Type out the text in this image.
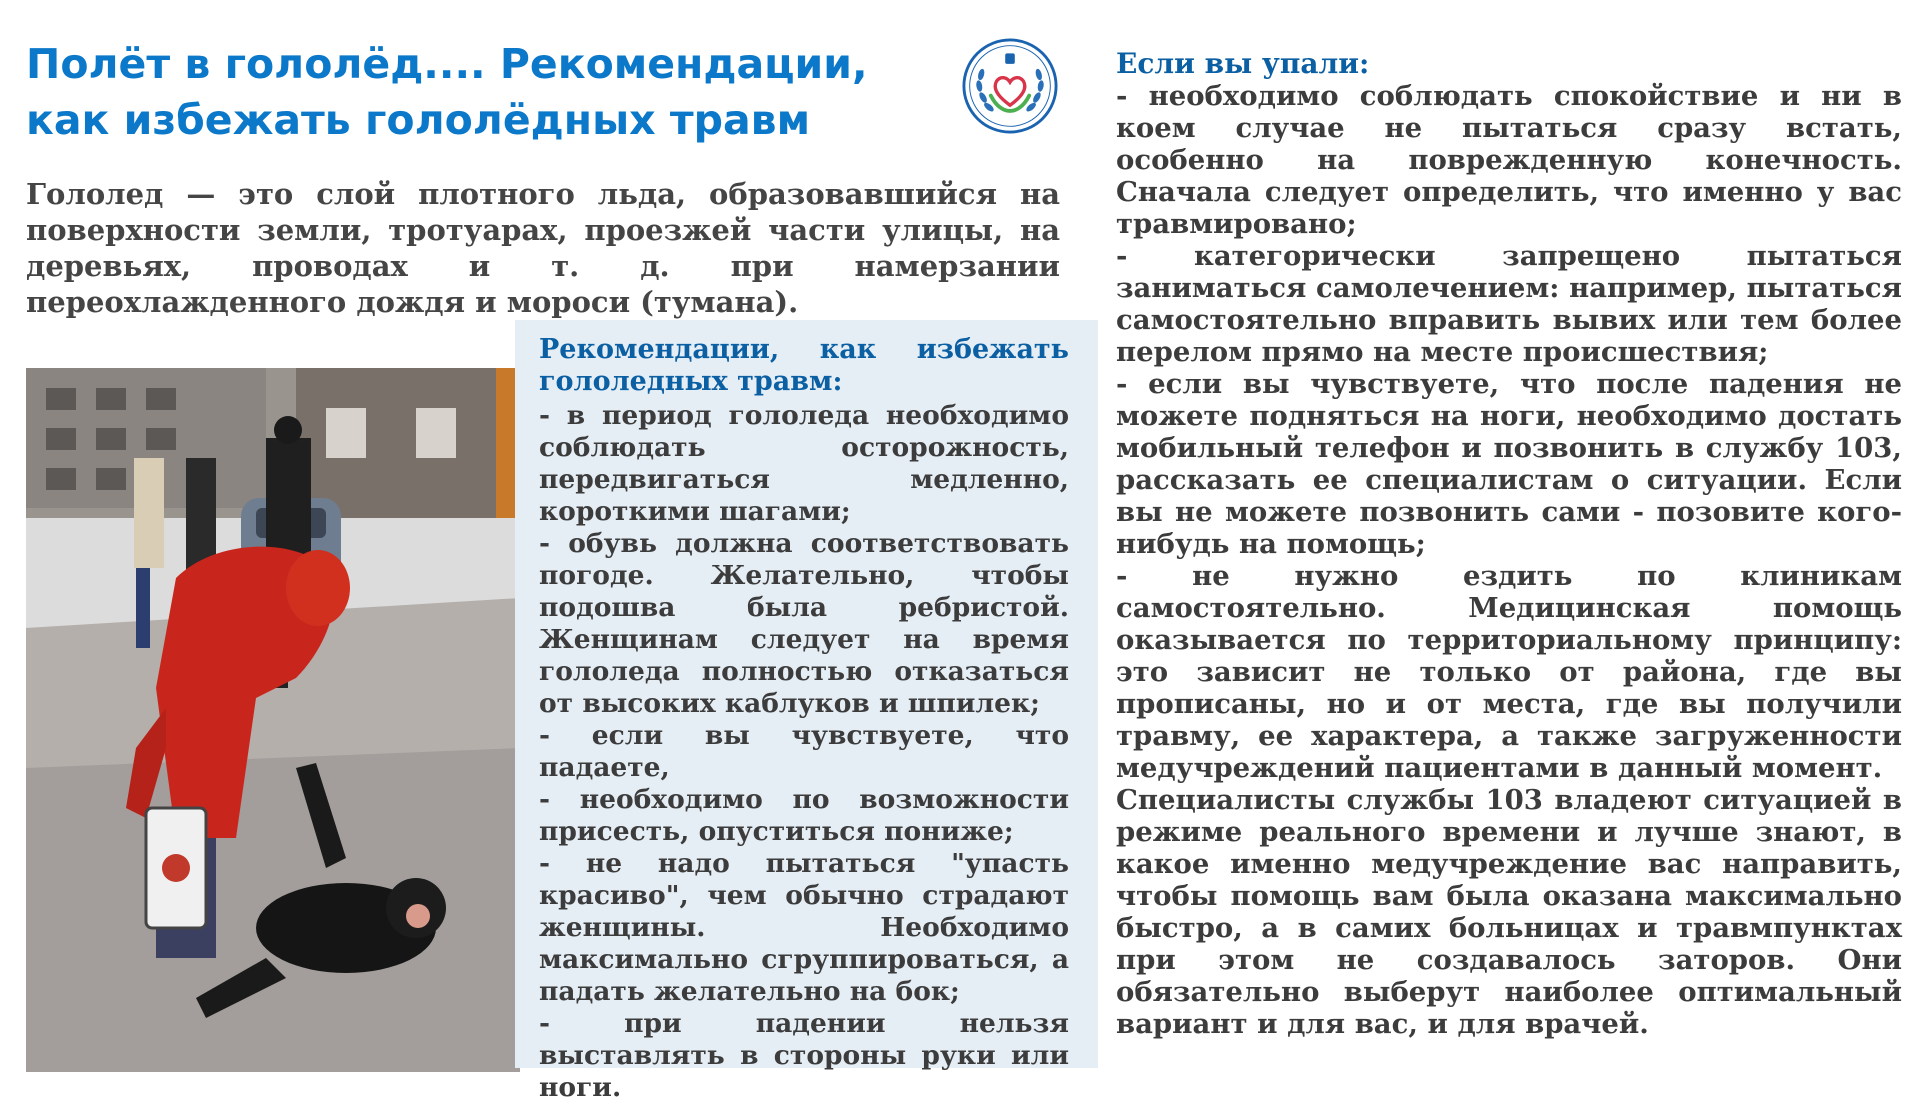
Полёт в гололёд.... Рекомендации, как избежать гололёдных травм

Гололед — это слой плотного льда, образовавшийся на поверхности земли, тротуарах, проезжей части улицы, на деревьях, проводах и т. д. при намерзании переохлажденного дождя и мороси (тумана).

Рекомендации, как избежать гололедных травм:

- в период гололеда необходимо соблюдать осторожность, передвигаться медленно, короткими шагами;

- обувь должна соответствовать погоде. Желательно, чтобы подошва была ребристой. Женщинам следует на время гололеда полностью отказаться от высоких каблуков и шпилек;

- если вы чувствуете, что падаете,

- необходимо по возможности присесть, опуститься пониже;

- не надо пытаться "упасть красиво", чем обычно страдают женщины. Необходимо максимально сгруппироваться, а падать желательно на бок;

- при падении нельзя выставлять в стороны руки или ноги.

Если вы упали:

- необходимо соблюдать спокойствие и ни в коем случае не пытаться сразу встать, особенно на поврежденную конечность. Сначала следует определить, что именно у вас травмировано;

- категорически запрещено пытаться заниматься самолечением: например, пытаться самостоятельно вправить вывих или тем более перелом прямо на месте происшествия;

- если вы чувствуете, что после падения не можете подняться на ноги, необходимо достать мобильный телефон и позвонить в службу 103, рассказать ее специалистам о ситуации. Если вы не можете позвонить сами - позовите кого-нибудь на помощь;

- не нужно ездить по клиникам самостоятельно. Медицинская помощь оказывается по территориальному принципу: это зависит не только от района, где вы прописаны, но и от места, где вы получили травму, ее характера, а также загруженности медучреждений пациентами в данный момент.

Специалисты службы 103 владеют ситуацией в режиме реального времени и лучше знают, в какое именно медучреждение вас направить, чтобы помощь вам была оказана максимально быстро, а в самих больницах и травмпунктах при этом не создавалось заторов. Они обязательно выберут наиболее оптимальный вариант и для вас, и для врачей.
